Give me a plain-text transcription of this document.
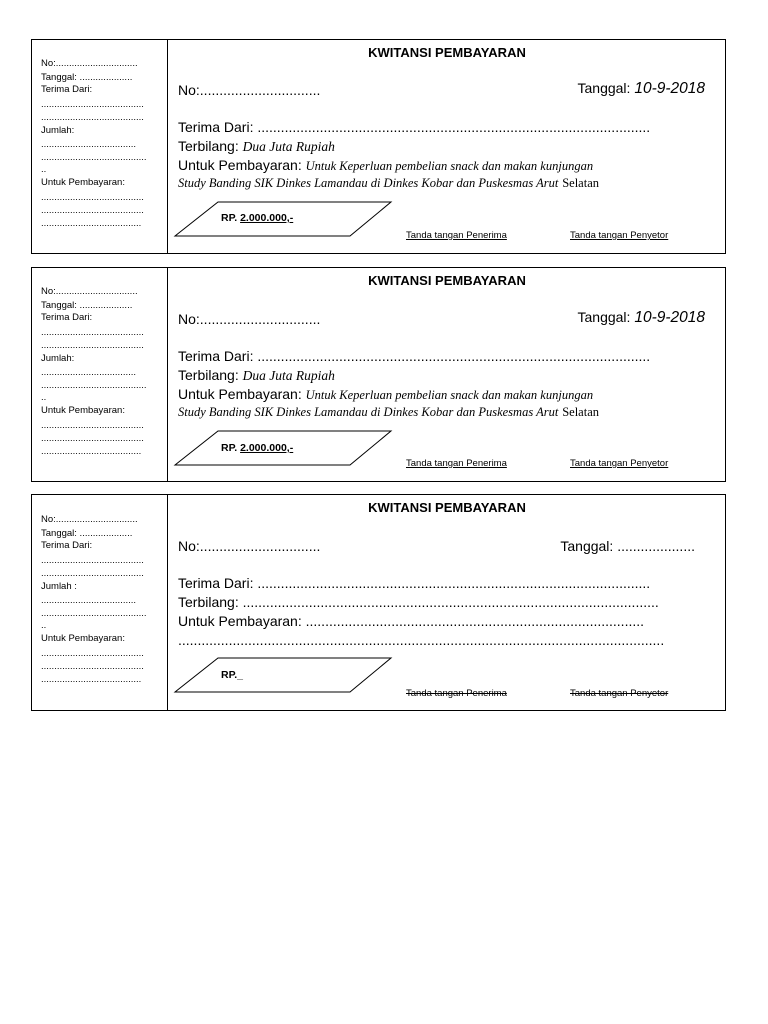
No:...............................
Tanggal: ....................
Terima Dari:
.......................................
.......................................
Jumlah:
....................................
........................................
..
Untuk Pembayaran:
.......................................
.......................................
......................................
KWITANSI PEMBAYARAN
No:...............................	Tanggal: 10-9-2018
Terima Dari: .....................................................................................................
Terbilang: Dua Juta Rupiah
Untuk Pembayaran: Untuk Keperluan pembelian snack dan makan kunjungan
Study Banding SIK Dinkes Lamandau di Dinkes Kobar dan Puskesmas Arut Selatan
RP. 2.000.000,-
Tanda tangan Penerima	Tanda tangan Penyetor
No:...............................
Tanggal: ....................
Terima Dari:
.......................................
.......................................
Jumlah:
....................................
........................................
..
Untuk Pembayaran:
.......................................
.......................................
......................................
KWITANSI PEMBAYARAN
No:...............................	Tanggal: 10-9-2018
Terima Dari: .....................................................................................................
Terbilang: Dua Juta Rupiah
Untuk Pembayaran: Untuk Keperluan pembelian snack dan makan kunjungan
Study Banding SIK Dinkes Lamandau di Dinkes Kobar dan Puskesmas Arut Selatan
RP. 2.000.000,-
Tanda tangan Penerima	Tanda tangan Penyetor
No:...............................
Tanggal: ....................
Terima Dari:
.......................................
.......................................
Jumlah :
....................................
........................................
..
Untuk Pembayaran:
.......................................
.......................................
......................................
KWITANSI PEMBAYARAN
No:...............................	Tanggal: ....................
Terima Dari: .....................................................................................................
Terbilang: ...........................................................................................................
Untuk Pembayaran: .......................................................................................
.............................................................................................................................
RP._
Tanda tangan Penerima	Tanda tangan Penyetor
